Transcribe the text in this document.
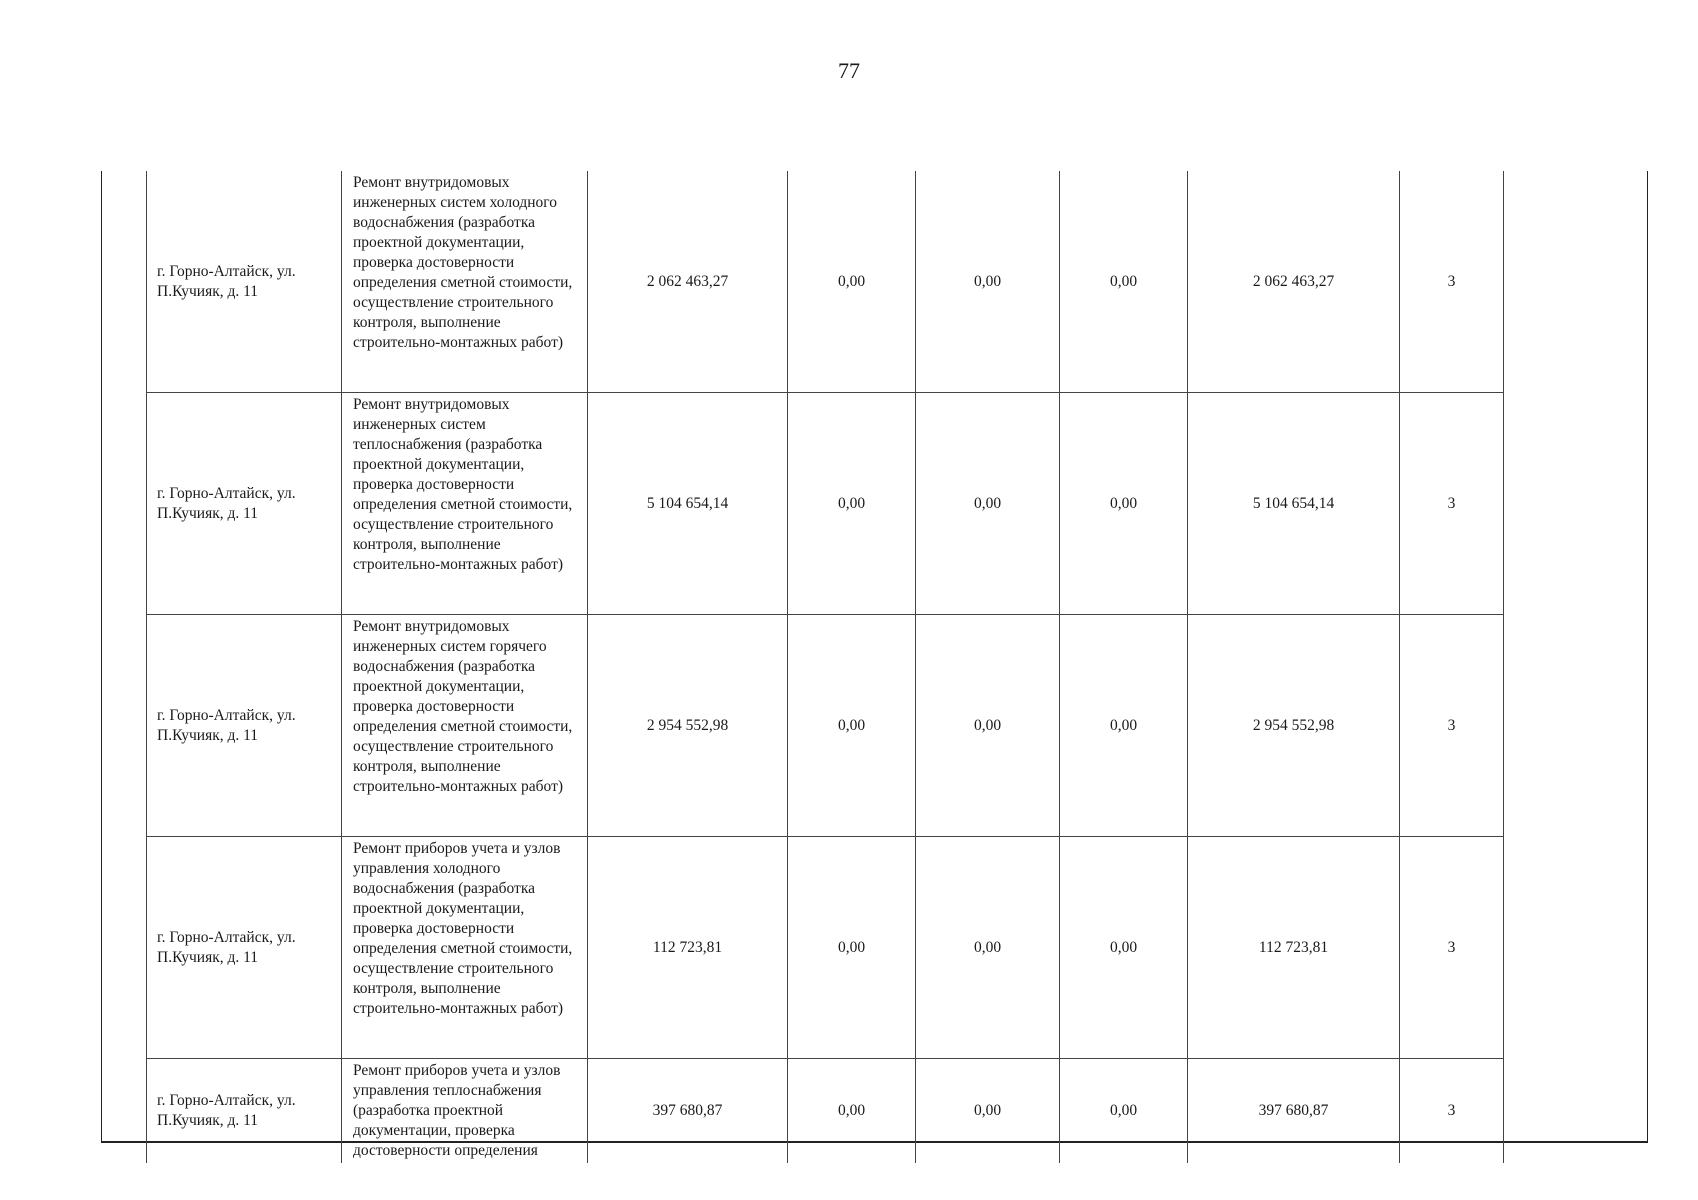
77
г. Горно-Алтайск, ул. П.Кучияк, д. 11	Ремонт внутридомовых инженерных систем холодного водоснабжения (разработка проектной документации, проверка достоверности определения сметной стоимости, осуществление строительного контроля, выполнение строительно-монтажных работ)	2 062 463,27	0,00	0,00	0,00	2 062 463,27	3
г. Горно-Алтайск, ул. П.Кучияк, д. 11	Ремонт внутридомовых инженерных систем теплоснабжения (разработка проектной документации, проверка достоверности определения сметной стоимости, осуществление строительного контроля, выполнение строительно-монтажных работ)	5 104 654,14	0,00	0,00	0,00	5 104 654,14	3
г. Горно-Алтайск, ул. П.Кучияк, д. 11	Ремонт внутридомовых инженерных систем горячего водоснабжения (разработка проектной документации, проверка достоверности определения сметной стоимости, осуществление строительного контроля, выполнение строительно-монтажных работ)	2 954 552,98	0,00	0,00	0,00	2 954 552,98	3
г. Горно-Алтайск, ул. П.Кучияк, д. 11	Ремонт приборов учета и узлов управления холодного водоснабжения (разработка проектной документации, проверка достоверности определения сметной стоимости, осуществление строительного контроля, выполнение строительно-монтажных работ)	112 723,81	0,00	0,00	0,00	112 723,81	3
г. Горно-Алтайск, ул. П.Кучияк, д. 11	Ремонт приборов учета и узлов управления теплоснабжения (разработка проектной документации, проверка достоверности определения	397 680,87	0,00	0,00	0,00	397 680,87	3
